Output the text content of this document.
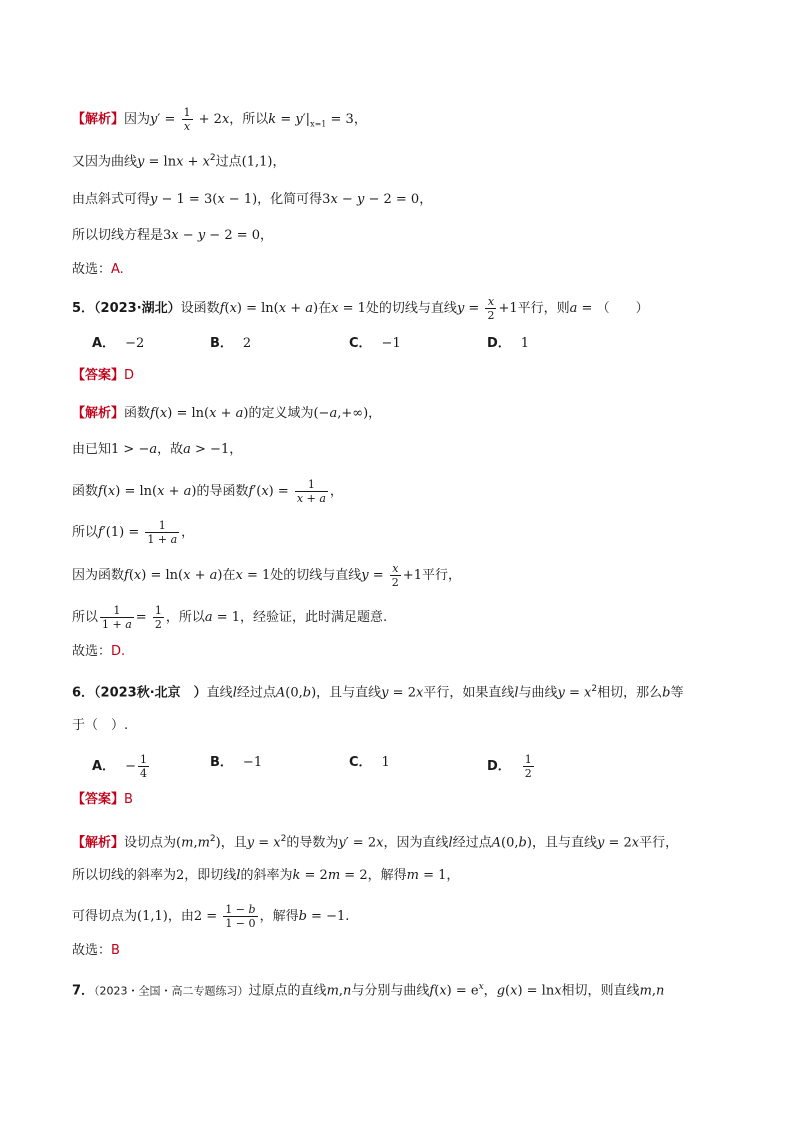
【解析】因为$y' = \frac{1}{x} + 2x$，所以$k = y'|_{x=1} = 3$，
又因为曲线$y = \ln x + x^2$过点(1,1)，
由点斜式可得y − 1 = 3(x − 1)，化简可得3x − y − 2 = 0，
所以切线方程是3x − y − 2 = 0，
故选：A.
5．（2023·湖北）设函数f(x) = ln(x + a)在x = 1处的切线与直线$y = \frac{x}{2} +1$平行，则a = （　　）
A． −2	B． 2	C． −1	D． 1
【答案】D
【解析】函数f(x) = ln(x + a)的定义域为(−a,+∞)，
由已知1 > −a，故a > −1，
函数f(x) = ln(x + a)的导函数$f'(x) = \frac{1}{x + a}$ ，
所以$f'(1) = \frac{1}{1 + a}$ ，
因为函数f(x) = ln(x + a)在x = 1处的切线与直线$y = \frac{x}{2} +1$平行，
所以 $\frac{1}{1 + a} = \frac{1}{2}$ ，所以a = 1，经验证，此时满足题意.
故选：D.
6．（2023秋·北京　）直线l经过点A(0,b)，且与直线y = 2x平行，如果直线l与曲线$y = x^2$相切，那么b等
于（　）.
A． − $\frac{1}{4}$	B． −1	C． 1	D． $\frac{1}{2}$
【答案】B
【解析】设切点为$(m,m^2)$，且$y = x^2$的导数为y′ = 2x，因为直线l经过点A(0,b)，且与直线y = 2x平行，
所以切线的斜率为2，即切线l的斜率为k = 2m = 2，解得m = 1，
可得切点为(1,1)，由$2 = \frac{1 - b}{1 - 0}$ ，解得b = −1.
故选：B
7．（2023・全国・高二专题练习）过原点的直线m,n与分别与曲线$f(x) = e^x$，g(x) = lnx相切，则直线m,n
